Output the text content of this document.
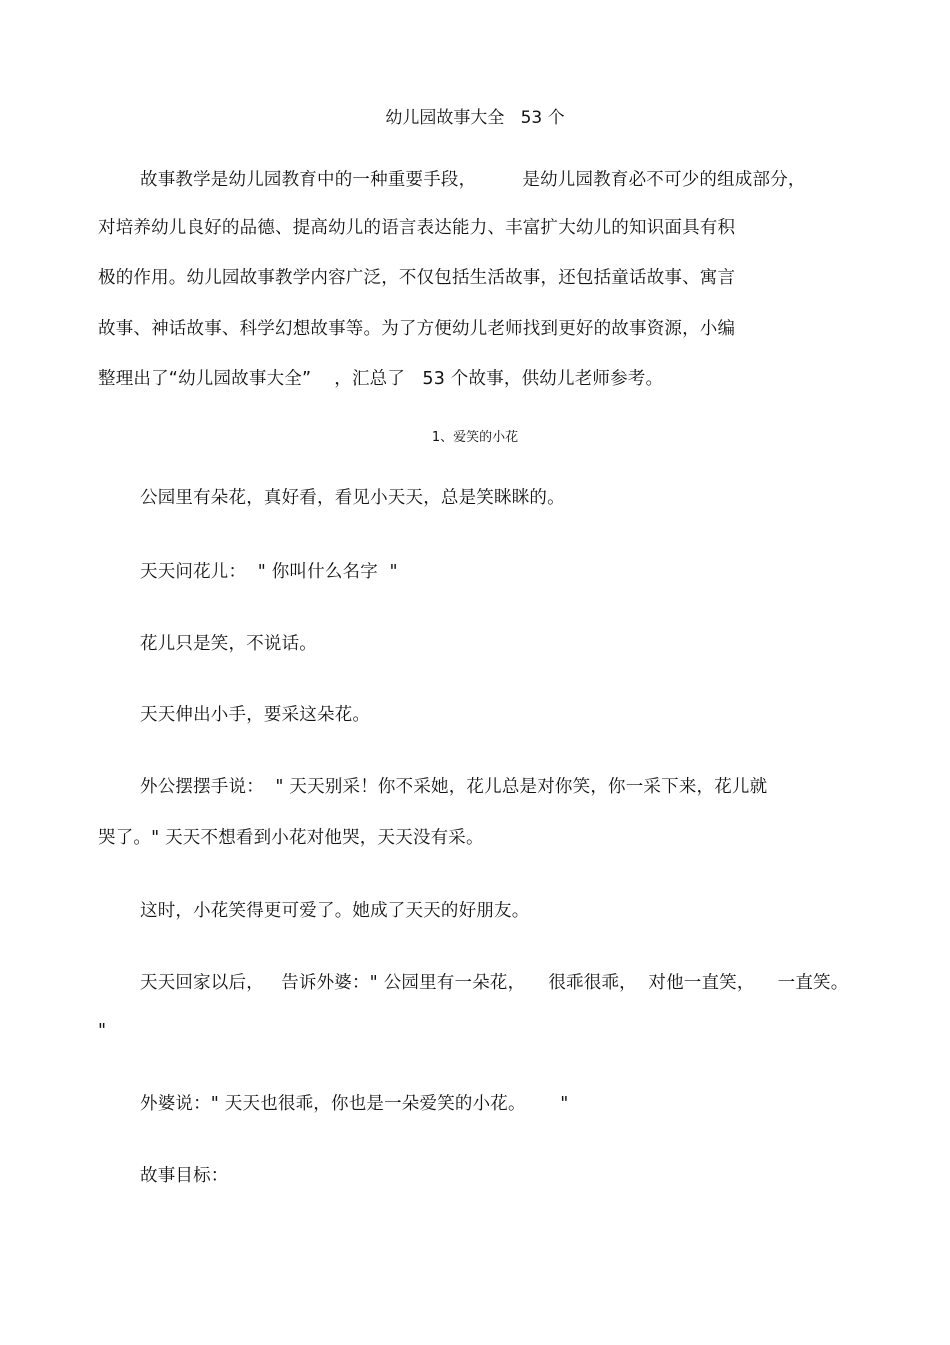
幼儿园故事大全   53 个
故事教学是幼儿园教育中的一种重要手段，        是幼儿园教育必不可少的组成部分，
对培养幼儿良好的品德、提高幼儿的语言表达能力、丰富扩大幼儿的知识面具有积
极的作用。幼儿园故事教学内容广泛，不仅包括生活故事，还包括童话故事、寓言
故事、神话故事、科学幻想故事等。为了方便幼儿老师找到更好的故事资源，小编
整理出了“幼儿园故事大全”    ，汇总了   53 个故事，供幼儿老师参考。
1、爱笑的小花
公园里有朵花，真好看，看见小天天，总是笑眯眯的。
天天问花儿：  " 你叫什么名字  "
花儿只是笑，不说话。
天天伸出小手，要采这朵花。
外公摆摆手说：  " 天天别采！你不采她，花儿总是对你笑，你一采下来，花儿就
哭了。" 天天不想看到小花对他哭，天天没有采。
这时，小花笑得更可爱了。她成了天天的好朋友。
天天回家以后，   告诉外婆：" 公园里有一朵花，    很乖很乖，  对他一直笑，    一直笑。
"
外婆说：" 天天也很乖，你也是一朵爱笑的小花。      "
故事目标：
